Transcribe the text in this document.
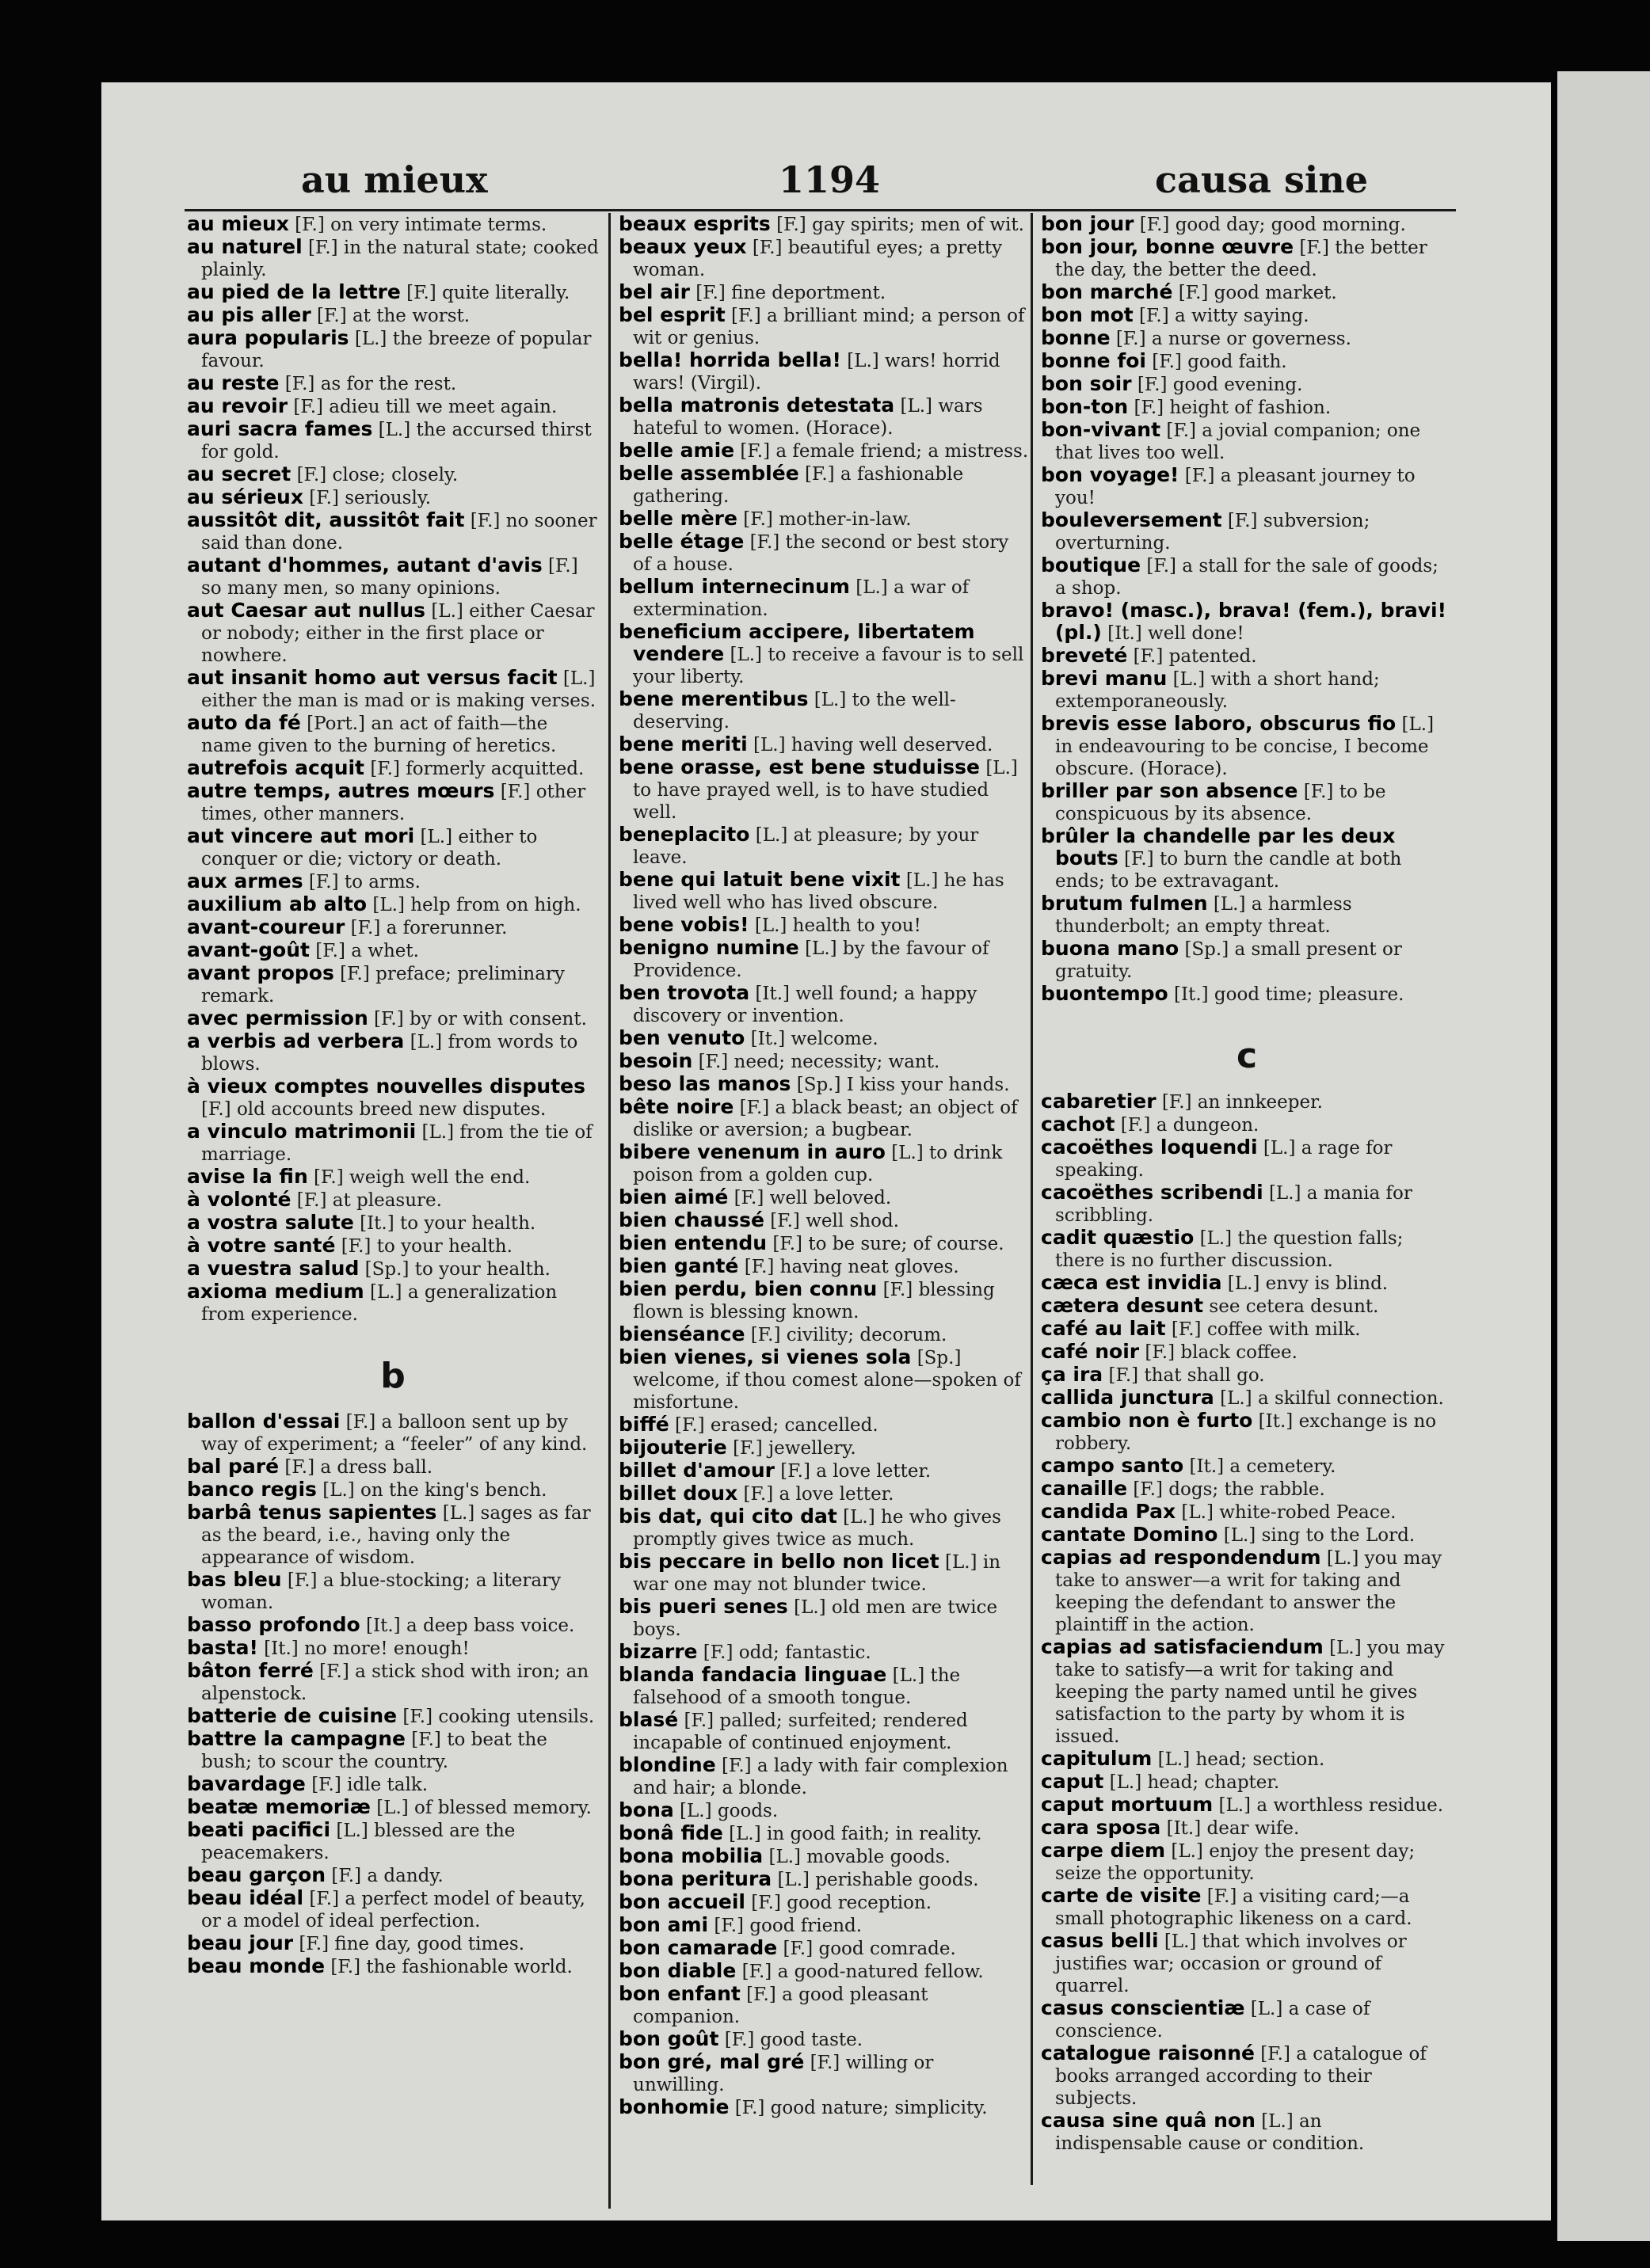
au mieux	1194	causa sine

au mieux [F.] on very intimate terms.

au naturel [F.] in the natural state; cooked plainly.

au pied de la lettre [F.] quite literally.

au pis aller [F.] at the worst.

aura popularis [L.] the breeze of popular favour.

au reste [F.] as for the rest.

au revoir [F.] adieu till we meet again.

auri sacra fames [L.] the accursed thirst for gold.

au secret [F.] close; closely.

au sérieux [F.] seriously.

aussitôt dit, aussitôt fait [F.] no sooner said than done.

autant d'hommes, autant d'avis [F.] so many men, so many opinions.

aut Caesar aut nullus [L.] either Caesar or nobody; either in the first place or nowhere.

aut insanit homo aut versus facit [L.] either the man is mad or is making verses.

auto da fé [Port.] an act of faith—the name given to the burning of heretics.

autrefois acquit [F.] formerly acquitted.

autre temps, autres mœurs [F.] other times, other manners.

aut vincere aut mori [L.] either to conquer or die; victory or death.

aux armes [F.] to arms.

auxilium ab alto [L.] help from on high.

avant-coureur [F.] a forerunner.

avant-goût [F.] a whet.

avant propos [F.] preface; preliminary remark.

avec permission [F.] by or with consent.

a verbis ad verbera [L.] from words to blows.

à vieux comptes nouvelles disputes [F.] old accounts breed new disputes.

a vinculo matrimonii [L.] from the tie of marriage.

avise la fin [F.] weigh well the end.

à volonté [F.] at pleasure.

a vostra salute [It.] to your health.

à votre santé [F.] to your health.

a vuestra salud [Sp.] to your health.

axioma medium [L.] a generalization from experience.

b

ballon d'essai [F.] a balloon sent up by way of experiment; a “feeler” of any kind.

bal paré [F.] a dress ball.

banco regis [L.] on the king's bench.

barbâ tenus sapientes [L.] sages as far as the beard, i.e., having only the appearance of wisdom.

bas bleu [F.] a blue-stocking; a literary woman.

basso profondo [It.] a deep bass voice.

basta! [It.] no more! enough!

bâton ferré [F.] a stick shod with iron; an alpenstock.

batterie de cuisine [F.] cooking utensils.

battre la campagne [F.] to beat the bush; to scour the country.

bavardage [F.] idle talk.

beatæ memoriæ [L.] of blessed memory.

beati pacifici [L.] blessed are the peacemakers.

beau garçon [F.] a dandy.

beau idéal [F.] a perfect model of beauty, or a model of ideal perfection.

beau jour [F.] fine day, good times.

beau monde [F.] the fashionable world.

beaux esprits [F.] gay spirits; men of wit.

beaux yeux [F.] beautiful eyes; a pretty woman.

bel air [F.] fine deportment.

bel esprit [F.] a brilliant mind; a person of wit or genius.

bella! horrida bella! [L.] wars! horrid wars! (Virgil).

bella matronis detestata [L.] wars hateful to women. (Horace).

belle amie [F.] a female friend; a mistress.

belle assemblée [F.] a fashionable gathering.

belle mère [F.] mother-in-law.

belle étage [F.] the second or best story of a house.

bellum internecinum [L.] a war of extermination.

beneficium accipere, libertatem vendere [L.] to receive a favour is to sell your liberty.

bene merentibus [L.] to the well-deserving.

bene meriti [L.] having well deserved.

bene orasse, est bene studuisse [L.] to have prayed well, is to have studied well.

beneplacito [L.] at pleasure; by your leave.

bene qui latuit bene vixit [L.] he has lived well who has lived obscure.

bene vobis! [L.] health to you!

benigno numine [L.] by the favour of Providence.

ben trovota [It.] well found; a happy discovery or invention.

ben venuto [It.] welcome.

besoin [F.] need; necessity; want.

beso las manos [Sp.] I kiss your hands.

bête noire [F.] a black beast; an object of dislike or aversion; a bugbear.

bibere venenum in auro [L.] to drink poison from a golden cup.

bien aimé [F.] well beloved.

bien chaussé [F.] well shod.

bien entendu [F.] to be sure; of course.

bien ganté [F.] having neat gloves.

bien perdu, bien connu [F.] blessing flown is blessing known.

bienséance [F.] civility; decorum.

bien vienes, si vienes sola [Sp.] welcome, if thou comest alone—spoken of misfortune.

biffé [F.] erased; cancelled.

bijouterie [F.] jewellery.

billet d'amour [F.] a love letter.

billet doux [F.] a love letter.

bis dat, qui cito dat [L.] he who gives promptly gives twice as much.

bis peccare in bello non licet [L.] in war one may not blunder twice.

bis pueri senes [L.] old men are twice boys.

bizarre [F.] odd; fantastic.

blanda fandacia linguae [L.] the falsehood of a smooth tongue.

blasé [F.] palled; surfeited; rendered incapable of continued enjoyment.

blondine [F.] a lady with fair complexion and hair; a blonde.

bona [L.] goods.

bonâ fide [L.] in good faith; in reality.

bona mobilia [L.] movable goods.

bona peritura [L.] perishable goods.

bon accueil [F.] good reception.

bon ami [F.] good friend.

bon camarade [F.] good comrade.

bon diable [F.] a good-natured fellow.

bon enfant [F.] a good pleasant companion.

bon goût [F.] good taste.

bon gré, mal gré [F.] willing or unwilling.

bonhomie [F.] good nature; simplicity.

bon jour [F.] good day; good morning.

bon jour, bonne œuvre [F.] the better the day, the better the deed.

bon marché [F.] good market.

bon mot [F.] a witty saying.

bonne [F.] a nurse or governess.

bonne foi [F.] good faith.

bon soir [F.] good evening.

bon-ton [F.] height of fashion.

bon-vivant [F.] a jovial companion; one that lives too well.

bon voyage! [F.] a pleasant journey to you!

bouleversement [F.] subversion; overturning.

boutique [F.] a stall for the sale of goods; a shop.

bravo! (masc.), brava! (fem.), bravi! (pl.) [It.] well done!

breveté [F.] patented.

brevi manu [L.] with a short hand; extemporaneously.

brevis esse laboro, obscurus fio [L.] in endeavouring to be concise, I become obscure. (Horace).

briller par son absence [F.] to be conspicuous by its absence.

brûler la chandelle par les deux bouts [F.] to burn the candle at both ends; to be extravagant.

brutum fulmen [L.] a harmless thunderbolt; an empty threat.

buona mano [Sp.] a small present or gratuity.

buontempo [It.] good time; pleasure.

c

cabaretier [F.] an innkeeper.

cachot [F.] a dungeon.

cacoëthes loquendi [L.] a rage for speaking.

cacoëthes scribendi [L.] a mania for scribbling.

cadit quæstio [L.] the question falls; there is no further discussion.

cæca est invidia [L.] envy is blind.

cætera desunt see cetera desunt.

café au lait [F.] coffee with milk.

café noir [F.] black coffee.

ça ira [F.] that shall go.

callida junctura [L.] a skilful connection.

cambio non è furto [It.] exchange is no robbery.

campo santo [It.] a cemetery.

canaille [F.] dogs; the rabble.

candida Pax [L.] white-robed Peace.

cantate Domino [L.] sing to the Lord.

capias ad respondendum [L.] you may take to answer—a writ for taking and keeping the defendant to answer the plaintiff in the action.

capias ad satisfaciendum [L.] you may take to satisfy—a writ for taking and keeping the party named until he gives satisfaction to the party by whom it is issued.

capitulum [L.] head; section.

caput [L.] head; chapter.

caput mortuum [L.] a worthless residue.

cara sposa [It.] dear wife.

carpe diem [L.] enjoy the present day; seize the opportunity.

carte de visite [F.] a visiting card;—a small photographic likeness on a card.

casus belli [L.] that which involves or justifies war; occasion or ground of quarrel.

casus conscientiæ [L.] a case of conscience.

catalogue raisonné [F.] a catalogue of books arranged according to their subjects.

causa sine quâ non [L.] an indispensable cause or condition.
